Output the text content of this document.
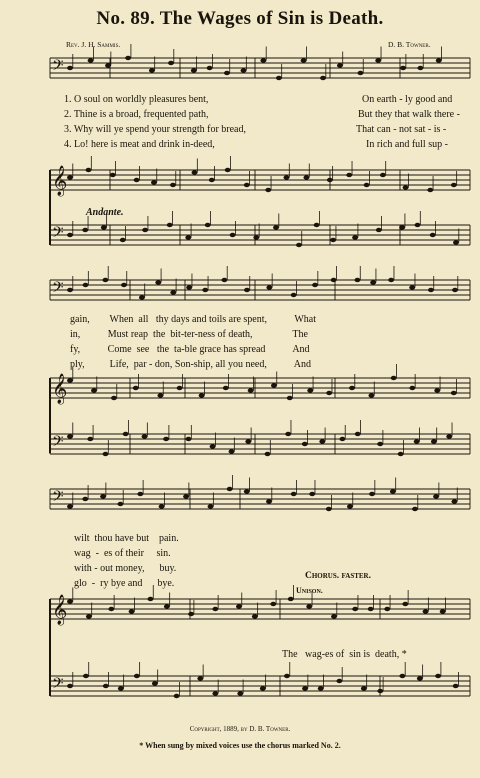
No. 89. The Wages of Sin is Death.
Rev. J. H. Sammis.	D. B. Towner.
𝄢
𝄢
𝄢
𝄢
𝄢
𝄢
𝄞
𝄞
𝄞
1. O soul on worldly pleasures bent,
2. Thine is a broad, frequented path,
3. Why will ye spend your strength for bread,
4. Lo! here is meat and drink in-deed,
On earth - ly good and
But they that walk there -
That can - not sat - is -
In rich and full sup -
Andante.
gain,        When  all   thy days and toils are spent,           What
in,           Must reap  the  bit-ter-ness of death,                The
fy,           Come  see   the  ta-ble grace has spread           And
ply,          Life,  par - don, Son-ship, all you need,           And
wilt  thou have but    pain.
wag  -  es of their     sin.
with - out money,      buy.
glo  -  ry bye and      bye.
Chorus. faster.
Unison.
The   wag-es of  sin is  death, *
Copyright, 1889, by D. B. Towner.
* When sung by mixed voices use the chorus marked No. 2.
